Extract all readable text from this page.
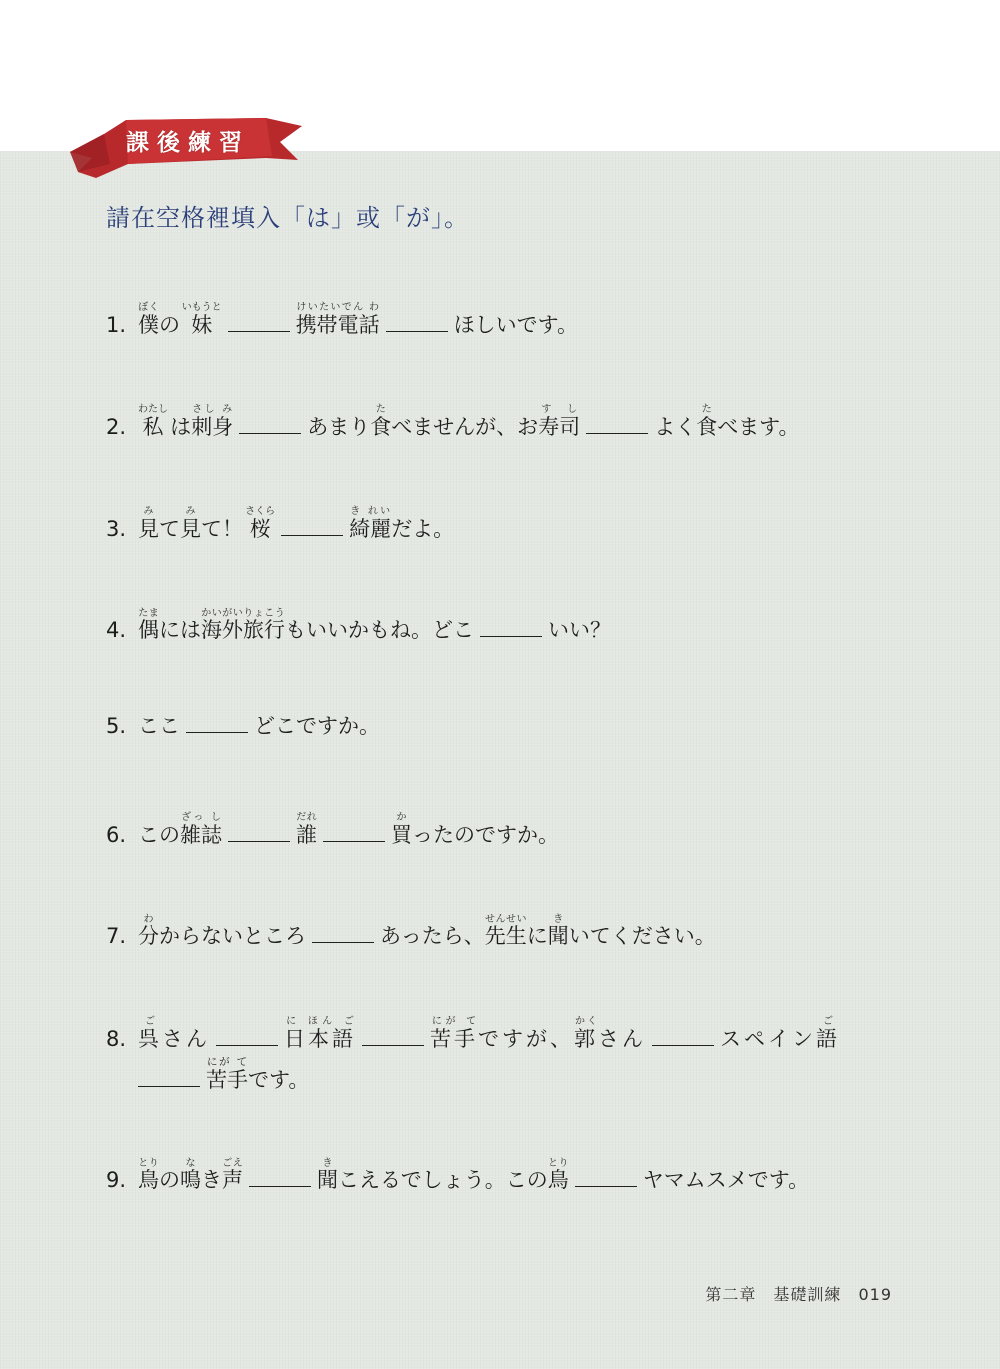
課後練習
請在空格裡填入「は」或「が」。
1. 僕ぼくの 妹いもうと携帯電話けいたいでん わほしいです。
2. 私わたし は刺身さし みあまり食たべませんが、お寿司す しよく食たべます。
3. 見みて見みて！ 桜さくら綺麗き れいだよ。
4. 偶たまには海外旅行かいがいりょこうもいいかもね。どこ	いい？
5. ここ	どこですか。
6. この雑誌ざっ し誰だれ買かったのですか。
7. 分わからないところ	あったら、先生せんせいに聞きいてください。
8. 呉ごさん	日本語に ほん ご苦手にが てですが、郭かくさん	スペイン語ご
苦手にが てです。
9. 鳥とりの鳴なき声ごえ聞きこえるでしょう。この鳥とりヤマムスメです。
第二章　基礎訓練　 019
